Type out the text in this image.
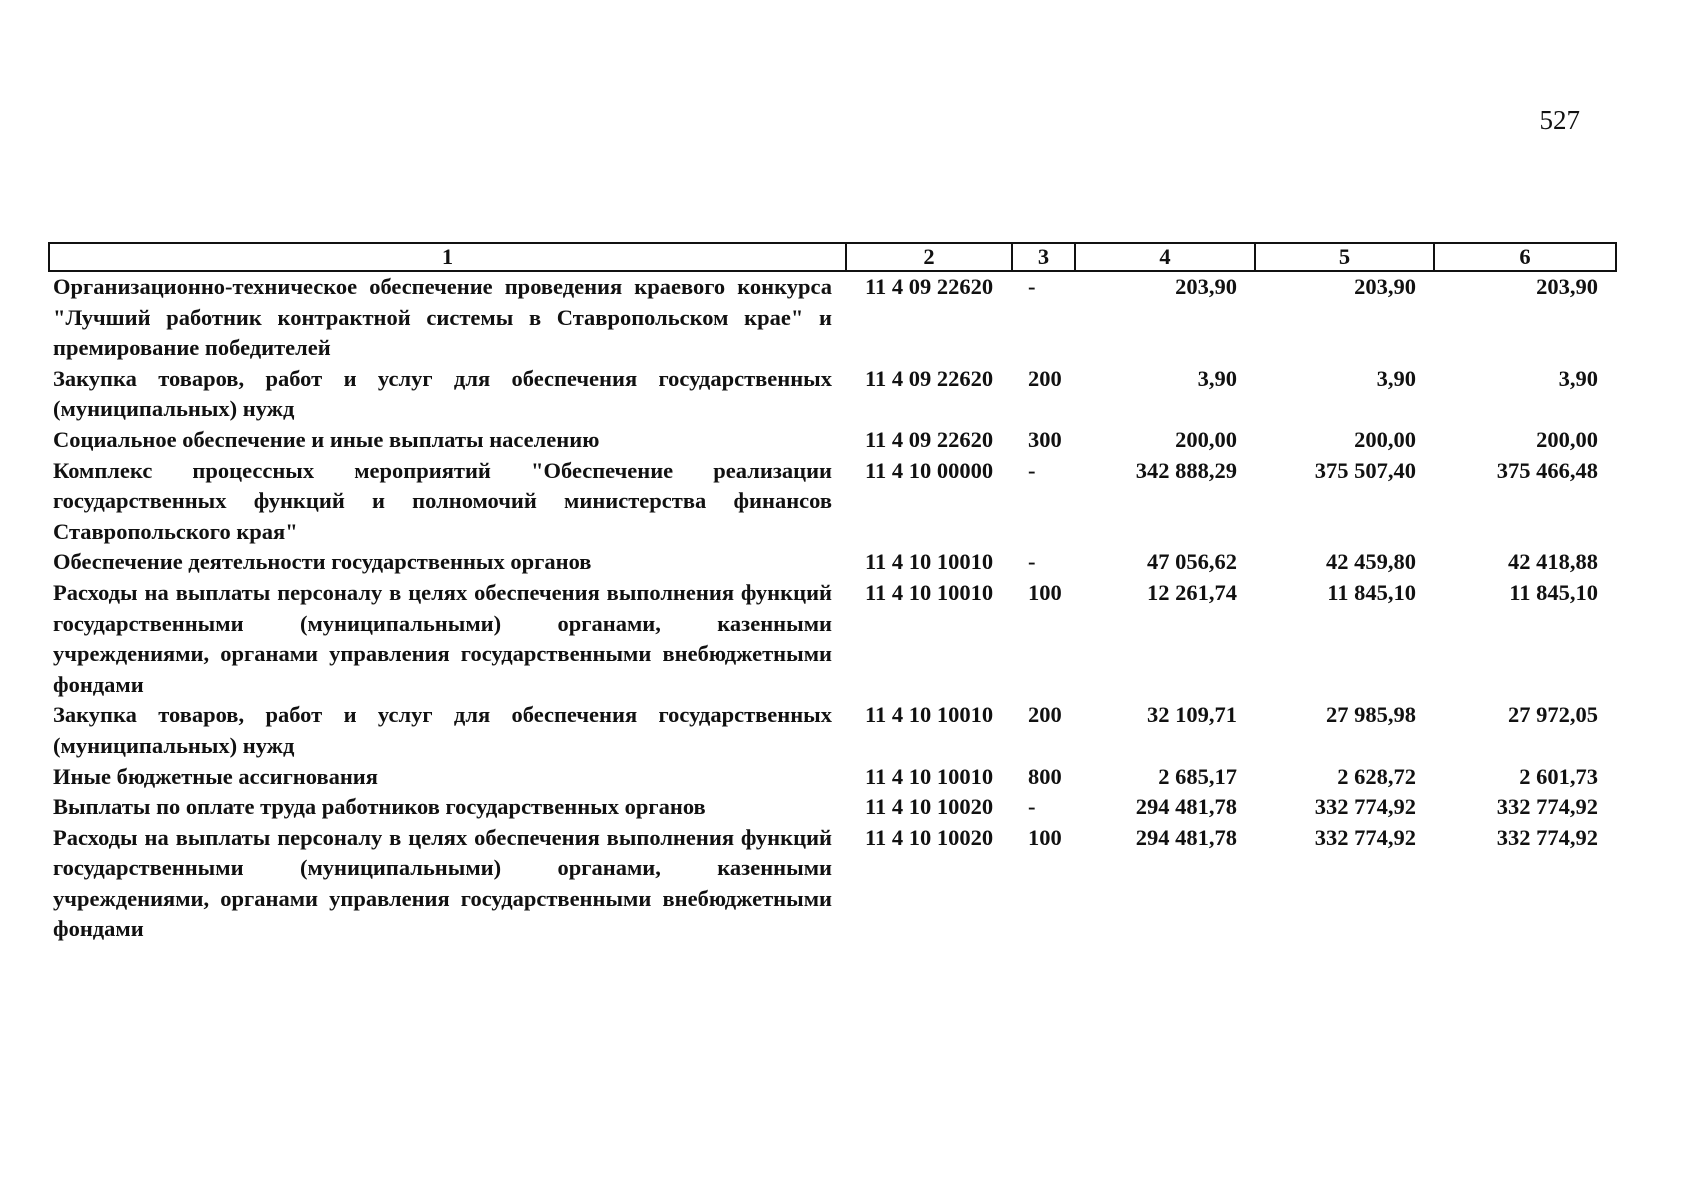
527
1	2	3	4	5	6
Организационно-техническое обеспечение проведения краевого конкурса "Лучший работник контрактной системы в Ставропольском крае" и премирование победителей	11 4 09 22620	-	203,90	203,90	203,90
Закупка товаров, работ и услуг для обеспечения государственных (муниципальных) нужд	11 4 09 22620	200	3,90	3,90	3,90
Социальное обеспечение и иные выплаты населению	11 4 09 22620	300	200,00	200,00	200,00
Комплекс процессных мероприятий "Обеспечение реализации государственных функций и полномочий министерства финансов Ставропольского края"	11 4 10 00000	-	342 888,29	375 507,40	375 466,48
Обеспечение деятельности государственных органов	11 4 10 10010	-	47 056,62	42 459,80	42 418,88
Расходы на выплаты персоналу в целях обеспечения выполнения функций государственными (муниципальными) органами, казенными учреждениями, органами управления государственными внебюджетными фондами	11 4 10 10010	100	12 261,74	11 845,10	11 845,10
Закупка товаров, работ и услуг для обеспечения государственных (муниципальных) нужд	11 4 10 10010	200	32 109,71	27 985,98	27 972,05
Иные бюджетные ассигнования	11 4 10 10010	800	2 685,17	2 628,72	2 601,73
Выплаты по оплате труда работников государственных органов	11 4 10 10020	-	294 481,78	332 774,92	332 774,92
Расходы на выплаты персоналу в целях обеспечения выполнения функций государственными (муниципальными) органами, казенными учреждениями, органами управления государственными внебюджетными фондами	11 4 10 10020	100	294 481,78	332 774,92	332 774,92
